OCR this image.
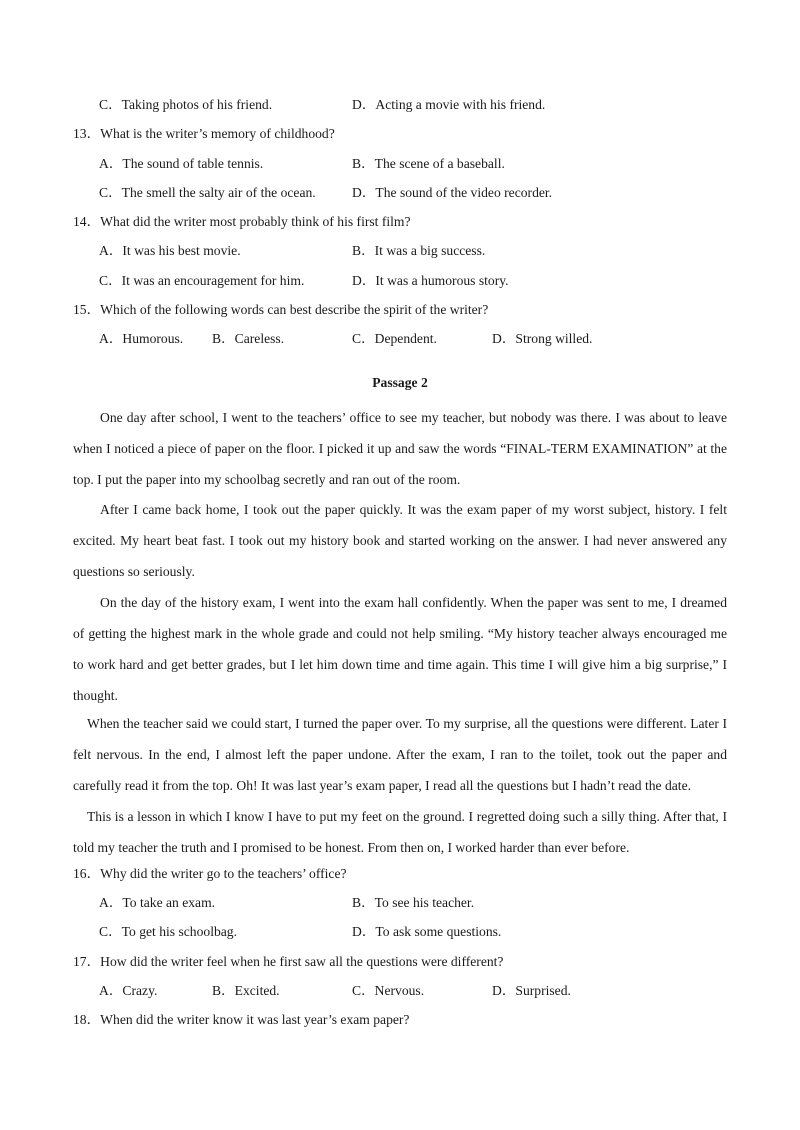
C．Taking photos of his friend.	D．Acting a movie with his friend.
13．What is the writer’s memory of childhood?
A．The sound of table tennis.	B．The scene of a baseball.
C．The smell the salty air of the ocean.	D．The sound of the video recorder.
14．What did the writer most probably think of his first film?
A．It was his best movie.	B．It was a big success.
C．It was an encouragement for him.	D．It was a humorous story.
15．Which of the following words can best describe the spirit of the writer?
A．Humorous. B．Careless.	C．Dependent.	D．Strong willed.
Passage 2
One day after school, I went to the teachers’ office to see my teacher, but nobody was there. I was about to leave when I noticed a piece of paper on the floor. I picked it up and saw the words “FINAL-TERM EXAMINATION” at the top. I put the paper into my schoolbag secretly and ran out of the room.
After I came back home, I took out the paper quickly. It was the exam paper of my worst subject, history. I felt excited. My heart beat fast. I took out my history book and started working on the answer. I had never answered any questions so seriously.
On the day of the history exam, I went into the exam hall confidently. When the paper was sent to me, I dreamed of getting the highest mark in the whole grade and could not help smiling. “My history teacher always encouraged me to work hard and get better grades, but I let him down time and time again. This time I will give him a big surprise,” I thought.
When the teacher said we could start, I turned the paper over. To my surprise, all the questions were different. Later I felt nervous. In the end, I almost left the paper undone. After the exam, I ran to the toilet, took out the paper and carefully read it from the top. Oh! It was last year’s exam paper, I read all the questions but I hadn’t read the date.
This is a lesson in which I know I have to put my feet on the ground. I regretted doing such a silly thing. After that, I told my teacher the truth and I promised to be honest. From then on, I worked harder than ever before.
16．Why did the writer go to the teachers’ office?
A．To take an exam.	B．To see his teacher.
C．To get his schoolbag.	D．To ask some questions.
17．How did the writer feel when he first saw all the questions were different?
A．Crazy.	B．Excited.	C．Nervous.	D．Surprised.
18．When did the writer know it was last year’s exam paper?
